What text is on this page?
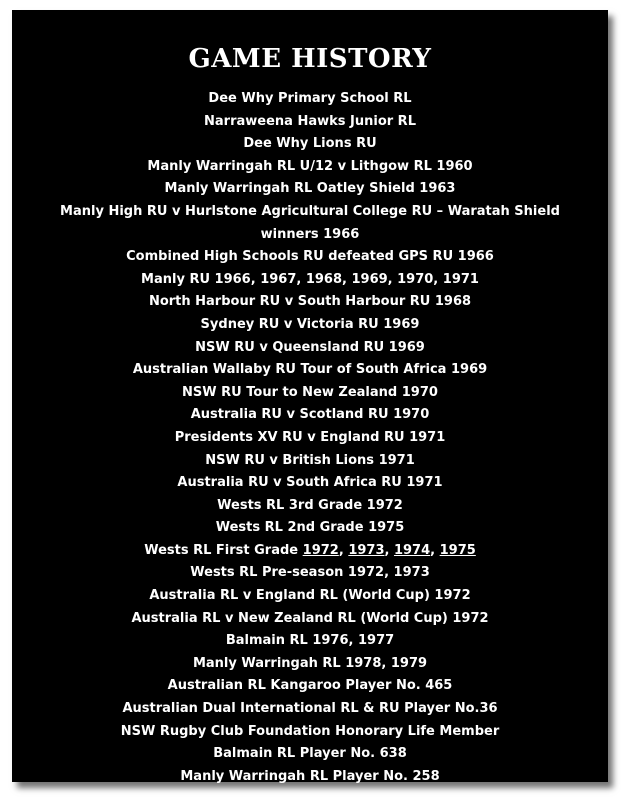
GAME HISTORY
Dee Why Primary School RL
Narraweena Hawks Junior RL
Dee Why Lions RU
Manly Warringah RL U/12 v Lithgow RL 1960
Manly Warringah RL Oatley Shield 1963
Manly High RU v Hurlstone Agricultural College RU – Waratah Shield winners 1966
Combined High Schools RU defeated GPS RU 1966
Manly RU 1966, 1967, 1968, 1969, 1970, 1971
North Harbour RU v South Harbour RU 1968
Sydney RU v Victoria RU 1969
NSW RU v Queensland RU 1969
Australian Wallaby RU Tour of South Africa 1969
NSW RU Tour to New Zealand 1970
Australia RU v Scotland RU 1970
Presidents XV RU v England RU 1971
NSW RU v British Lions 1971
Australia RU v South Africa RU 1971
Wests RL 3rd Grade 1972
Wests RL 2nd Grade 1975
Wests RL First Grade 1972, 1973, 1974, 1975
Wests RL Pre-season 1972, 1973
Australia RL v England RL (World Cup) 1972
Australia RL v New Zealand RL (World Cup) 1972
Balmain RL 1976, 1977
Manly Warringah RL 1978, 1979
Australian RL Kangaroo Player No. 465
Australian Dual International RL & RU Player No.36
NSW Rugby Club Foundation Honorary Life Member
Balmain RL Player No. 638
Manly Warringah RL Player No. 258
